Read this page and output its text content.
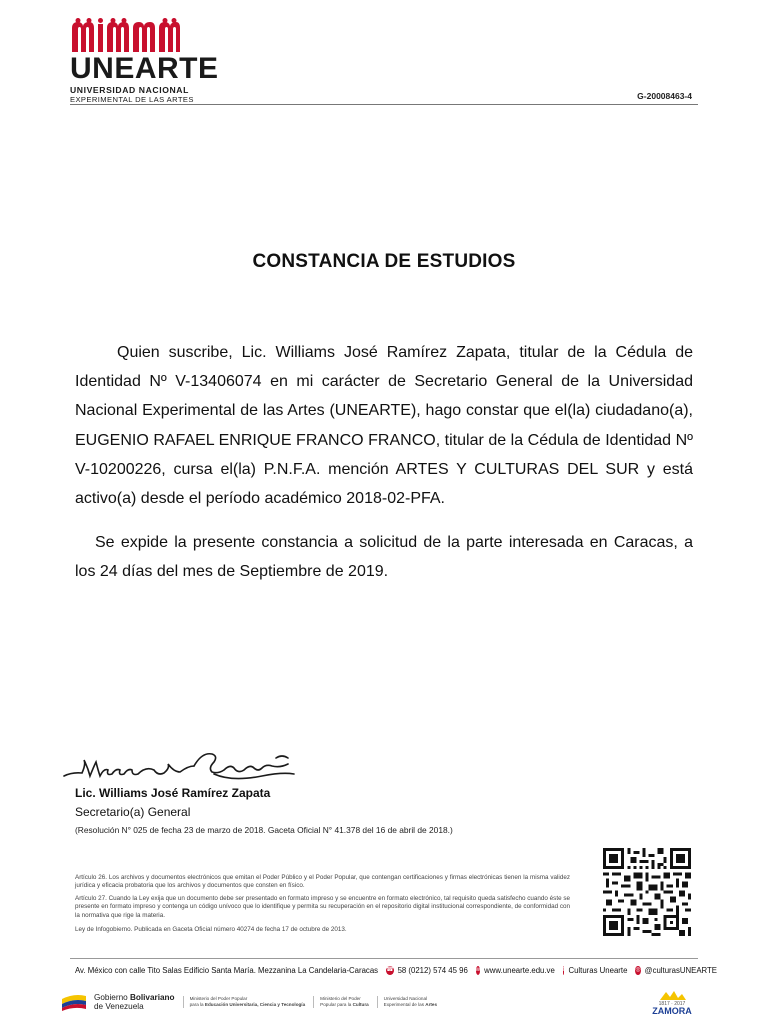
UNEARTE
UNIVERSIDAD NACIONAL
EXPERIMENTAL DE LAS ARTES	G-20008463-4
CONSTANCIA DE ESTUDIOS

Quien suscribe, Lic. Williams José Ramírez Zapata, titular de la Cédula de Identidad Nº V-13406074 en mi carácter de Secretario General de la Universidad Nacional Experimental de las Artes (UNEARTE), hago constar que el(la) ciudadano(a), EUGENIO RAFAEL ENRIQUE FRANCO FRANCO, titular de la Cédula de Identidad Nº V-10200226, cursa el(la) P.N.F.A. mención ARTES Y CULTURAS DEL SUR y está activo(a) desde el período académico 2018-02-PFA.

Se expide la presente constancia a solicitud de la parte interesada en Caracas, a los 24 días del mes de Septiembre de 2019.

Lic. Williams José Ramírez Zapata
Secretario(a) General
(Resolución N° 025 de fecha 23 de marzo de 2018. Gaceta Oficial N° 41.378 del 16 de abril de 2018.)

Artículo 26. Los archivos y documentos electrónicos que emitan el Poder Público y el Poder Popular, que contengan certificaciones y firmas electrónicas tienen la misma validez jurídica y eficacia probatoria que los archivos y documentos que consten en físico.

Artículo 27. Cuando la Ley exija que un documento debe ser presentado en formato impreso y se encuentre en formato electrónico, tal requisito queda satisfecho cuando éste se presente en formato impreso y contenga un código unívoco que lo identifique y permita su recuperación en el repositorio digital institucional correspondiente, de conformidad con la normativa que rige la materia.

Ley de Infogobierno. Publicada en Gaceta Oficial número 40274 de fecha 17 de octubre de 2013.

Av. México con calle Tito Salas Edificio Santa María. Mezzanina La Candelaria-Caracas ☎ 58 (0212) 574 45 96 w www.unearte.edu.ve f Culturas Unearte ◎ @culturasUNEARTE
Gobierno Bolivariano
de Venezuela
Ministerio del Poder Popular
para la Educación Universitaria, Ciencia y Tecnología
Ministerio del Poder
Popular para la Cultura
Universidad Nacional
Experimental de las Artes	1817 · 2017
ZAMORA
